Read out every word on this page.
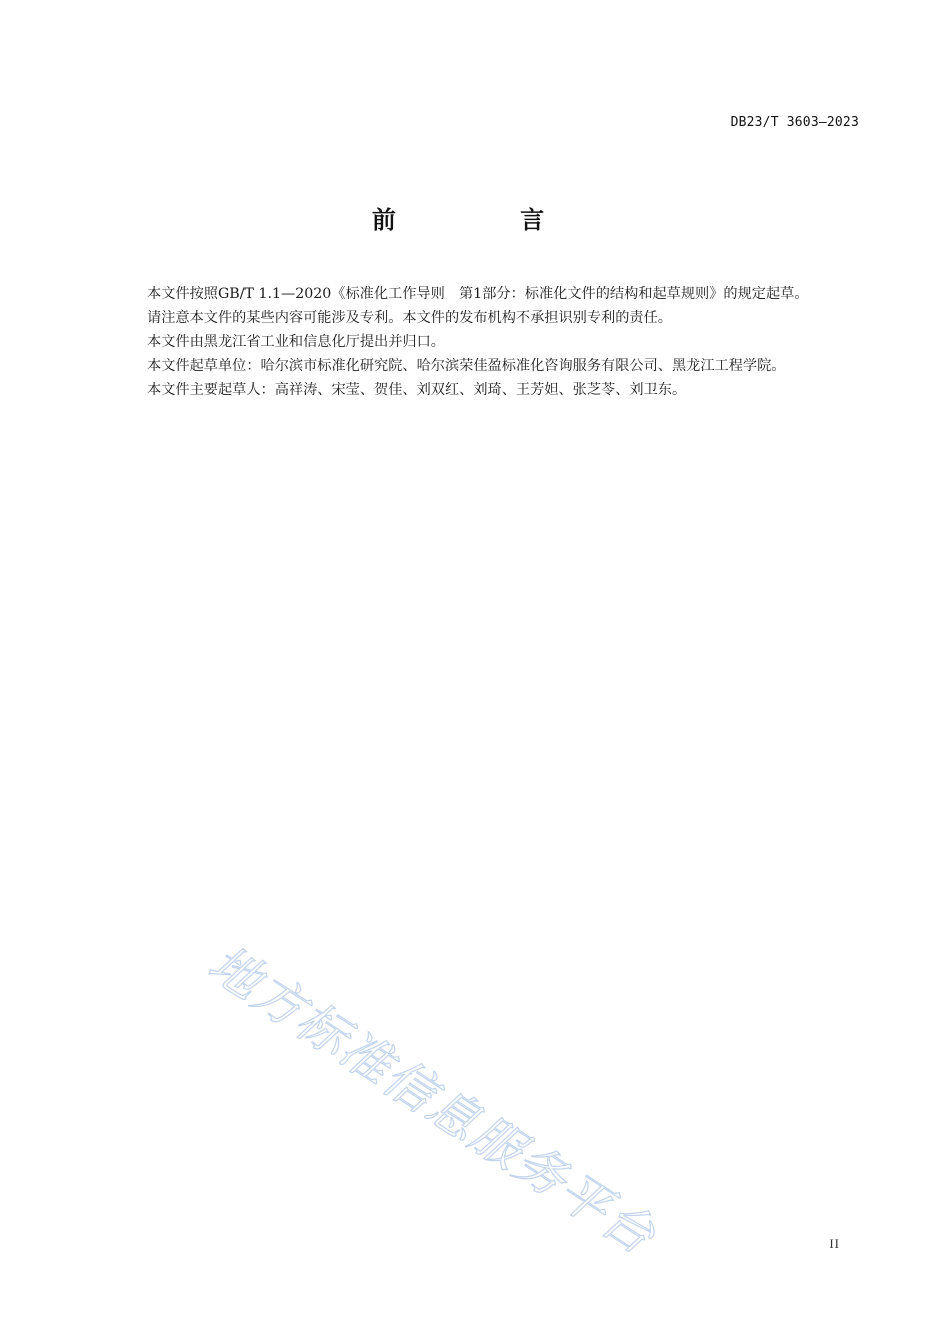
DB23/T 3603—2023
前 言

本文件按照GB/T 1.1—2020《标准化工作导则　第1部分：标准化文件的结构和起草规则》的规定起草。

请注意本文件的某些内容可能涉及专利。本文件的发布机构不承担识别专利的责任。

本文件由黑龙江省工业和信息化厅提出并归口。

本文件起草单位：哈尔滨市标准化研究院、哈尔滨荣佳盈标准化咨询服务有限公司、黑龙江工程学院。

本文件主要起草人：高祥涛、宋莹、贺佳、刘双红、刘琦、王芳妲、张芝苓、刘卫东。

地方标准信息服务平台	II
